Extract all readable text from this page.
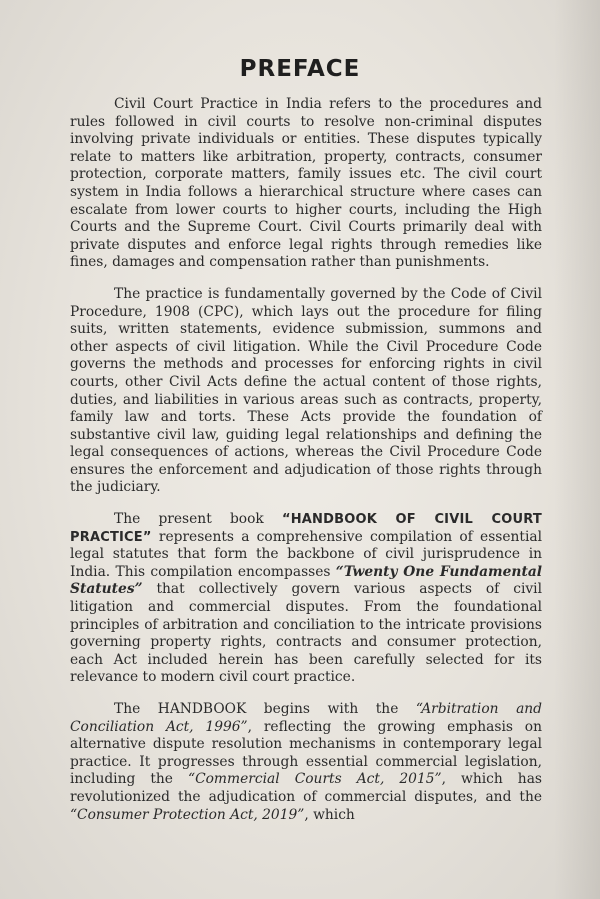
PREFACE

Civil Court Practice in India refers to the procedures and rules followed in civil courts to resolve non-criminal disputes involving private individuals or entities. These disputes typically relate to matters like arbitration, property, contracts, consumer protection, corporate matters, family issues etc. The civil court system in India follows a hierarchical structure where cases can escalate from lower courts to higher courts, including the High Courts and the Supreme Court. Civil Courts primarily deal with private disputes and enforce legal rights through remedies like fines, damages and compensation rather than punishments.

The practice is fundamentally governed by the Code of Civil Procedure, 1908 (CPC), which lays out the procedure for filing suits, written statements, evidence submission, summons and other aspects of civil litigation. While the Civil Procedure Code governs the methods and processes for enforcing rights in civil courts, other Civil Acts define the actual content of those rights, duties, and liabilities in various areas such as contracts, property, family law and torts. These Acts provide the foundation of substantive civil law, guiding legal relationships and defining the legal consequences of actions, whereas the Civil Procedure Code ensures the enforcement and adjudication of those rights through the judiciary.

The present book “HANDBOOK OF CIVIL COURT PRACTICE” represents a comprehensive compilation of essential legal statutes that form the backbone of civil jurisprudence in India. This compilation encompasses “Twenty One Fundamental Statutes” that collectively govern various aspects of civil litigation and commercial disputes. From the foundational principles of arbitration and conciliation to the intricate provisions governing property rights, contracts and consumer protection, each Act included herein has been carefully selected for its relevance to modern civil court practice.

The HANDBOOK begins with the “Arbitration and Conciliation Act, 1996”, reflecting the growing emphasis on alternative dispute resolution mechanisms in contemporary legal practice. It progresses through essential commercial legislation, including the “Commercial Courts Act, 2015”, which has revolutionized the adjudication of commercial disputes, and the “Consumer Protection Act, 2019”, which
